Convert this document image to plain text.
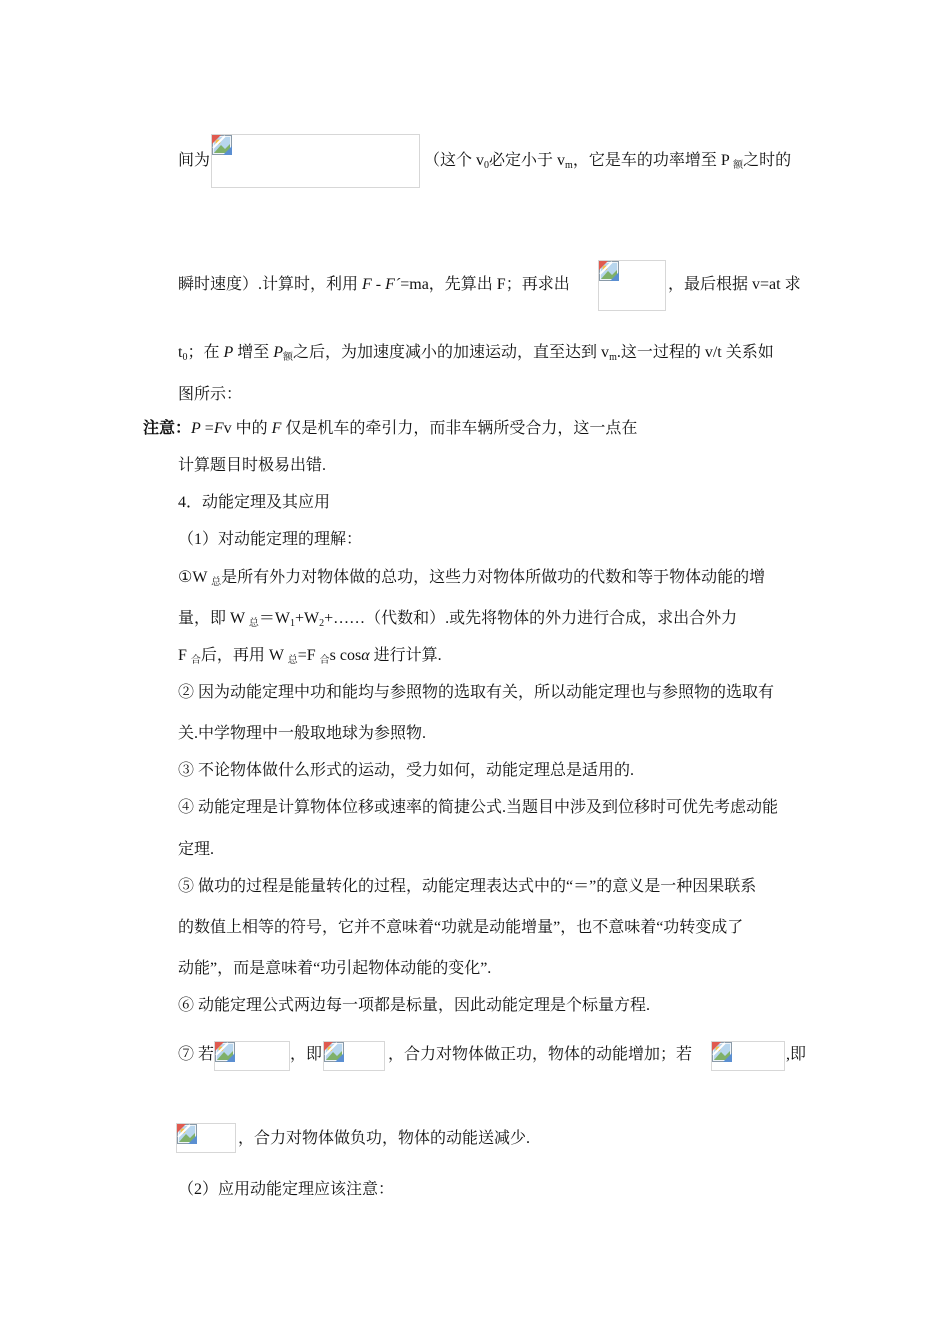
间为	（这个 $v_0$必定小于 $v_m$，它是车的功率增至 P $_额$之时的
瞬时速度）.计算时，利用 F - F´=ma，先算出 F；再求出	，最后根据 v=at 求
$t_0$；在 P 增至 $P_额$之后，为加速度减小的加速运动，直至达到 $v_m$.这一过程的 v/t 关系如
图所示：
注意：P =Fv 中的 F 仅是机车的牵引力，而非车辆所受合力，这一点在
计算题目时极易出错.
4．动能定理及其应用
（1）对动能定理的理解：
①W $_总$是所有外力对物体做的总功，这些力对物体所做功的代数和等于物体动能的增
量，即 W $_总=W_1+W_2+\dots\dots$（代数和）.或先将物体的外力进行合成，求出合外力
F $_合$后，再用 W $_总$=F $_合$s cosα 进行计算.
② 因为动能定理中功和能均与参照物的选取有关，所以动能定理也与参照物的选取有
关.中学物理中一般取地球为参照物.
③ 不论物体做什么形式的运动，受力如何，动能定理总是适用的.
④ 动能定理是计算物体位移或速率的简捷公式.当题目中涉及到位移时可优先考虑动能
定理.
⑤ 做功的过程是能量转化的过程，动能定理表达式中的“＝”的意义是一种因果联系
的数值上相等的符号，它并不意味着“功就是动能增量”，也不意味着“功转变成了
动能”，而是意味着“功引起物体动能的变化”.
⑥ 动能定理公式两边每一项都是标量，因此动能定理是个标量方程.
⑦ 若	，即	，合力对物体做正功，物体的动能增加；若	,即
，合力对物体做负功，物体的动能送减少.
（2）应用动能定理应该注意：
